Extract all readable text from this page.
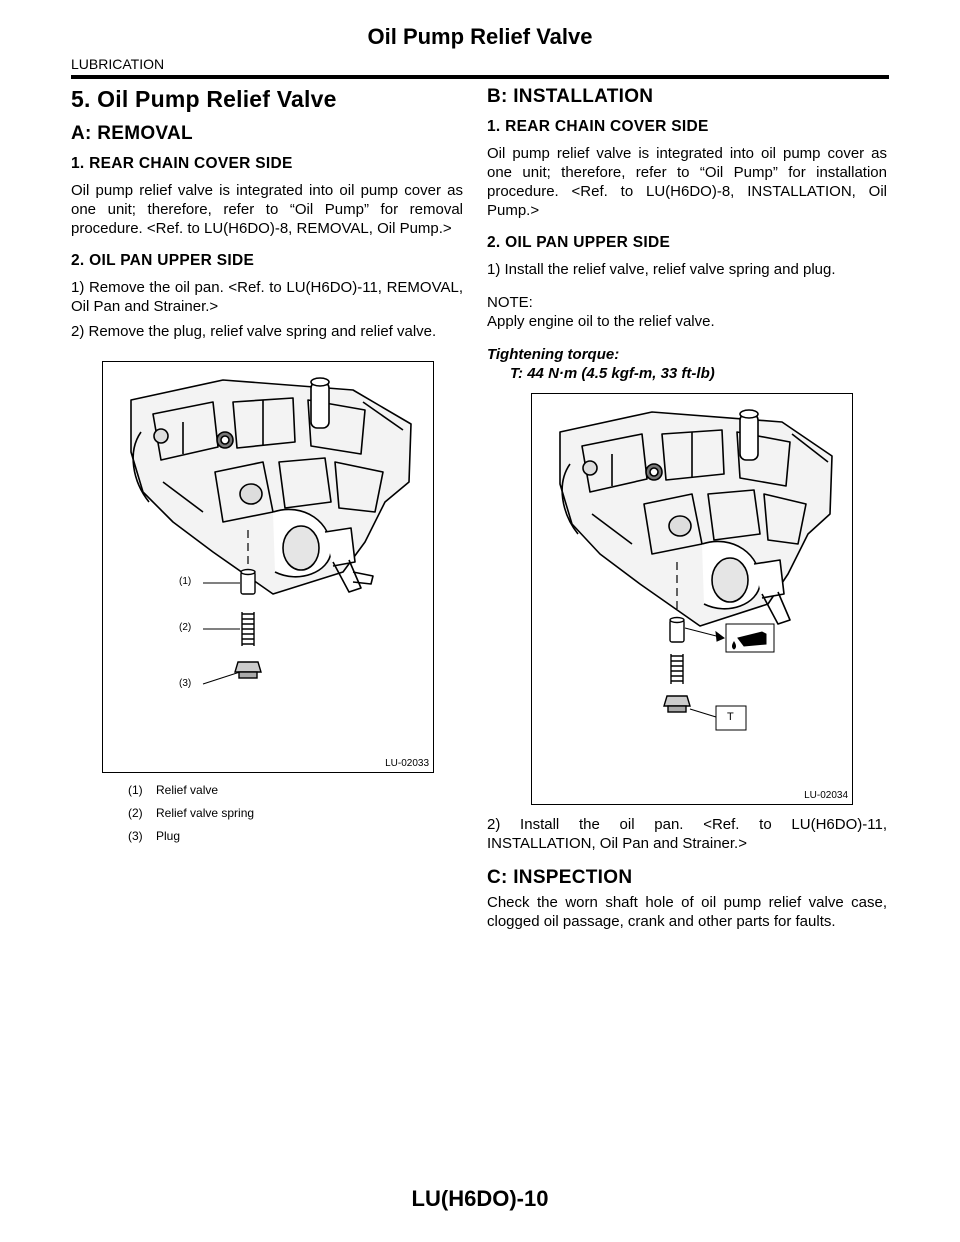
Oil Pump Relief Valve
LUBRICATION
5. Oil Pump Relief Valve
A: REMOVAL
1. REAR CHAIN COVER SIDE

Oil pump relief valve is integrated into oil pump cover as one unit; therefore, refer to “Oil Pump” for removal procedure. <Ref. to LU(H6DO)-8, REMOVAL, Oil Pump.>

2. OIL PAN UPPER SIDE

1) Remove the oil pan. <Ref. to LU(H6DO)-11, REMOVAL, Oil Pan and Strainer.>

2) Remove the plug, relief valve spring and relief valve.

(1)
(2)
(3)
LU-02033
(1)	Relief valve
(2)	Relief valve spring
(3)	Plug
B: INSTALLATION
1. REAR CHAIN COVER SIDE

Oil pump relief valve is integrated into oil pump cover as one unit; therefore, refer to “Oil Pump” for installation procedure. <Ref. to LU(H6DO)-8, INSTALLATION, Oil Pump.>

2. OIL PAN UPPER SIDE

1) Install the relief valve, relief valve spring and plug.

NOTE:

Apply engine oil to the relief valve.

Tightening torque:

T: 44 N·m (4.5 kgf-m, 33 ft-lb)

T
LU-02034

2) Install the oil pan. <Ref. to LU(H6DO)-11, INSTALLATION, Oil Pan and Strainer.>

C: INSPECTION

Check the worn shaft hole of oil pump relief valve case, clogged oil passage, crank and other parts for faults.

LU(H6DO)-10
